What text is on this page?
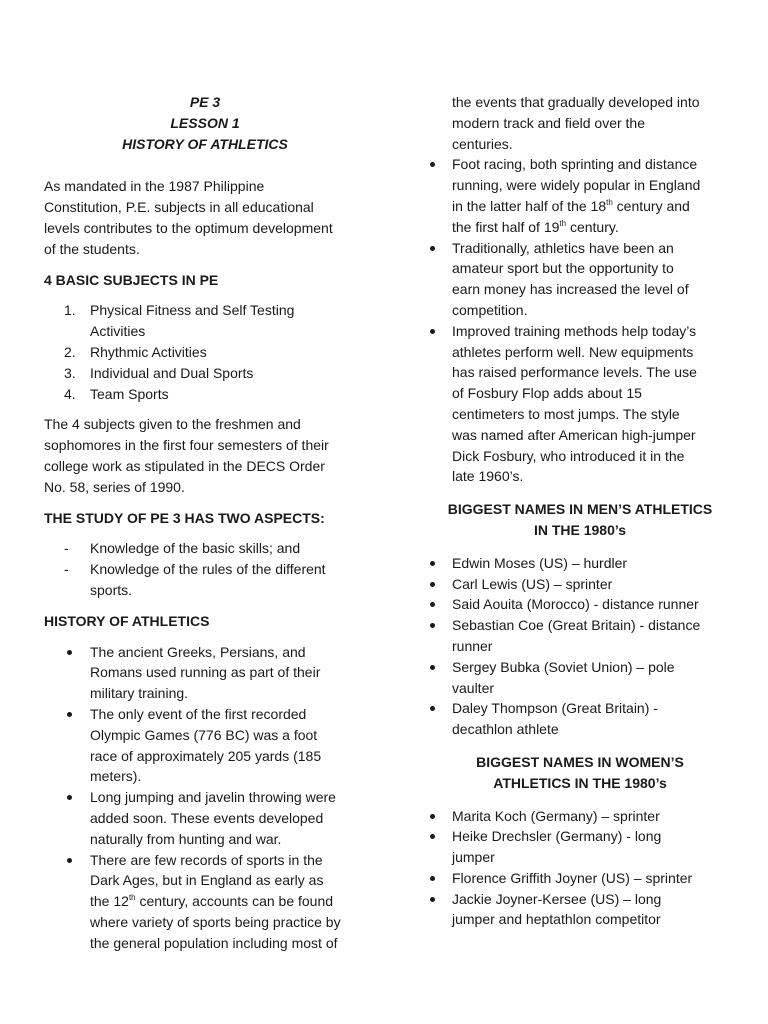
PE 3
LESSON 1
HISTORY OF ATHLETICS
As mandated in the 1987 Philippine
Constitution, P.E. subjects in all educational
levels contributes to the optimum development
of the students.
4 BASIC SUBJECTS IN PE
1. Physical Fitness and Self Testing
Activities
2. Rhythmic Activities
3. Individual and Dual Sports
4. Team Sports
The 4 subjects given to the freshmen and
sophomores in the first four semesters of their
college work as stipulated in the DECS Order
No. 58, series of 1990.
THE STUDY OF PE 3 HAS TWO ASPECTS:
- Knowledge of the basic skills; and
- Knowledge of the rules of the different
sports.
HISTORY OF ATHLETICS
The ancient Greeks, Persians, and
Romans used running as part of their
military training.
The only event of the first recorded
Olympic Games (776 BC) was a foot
race of approximately 205 yards (185
meters).
Long jumping and javelin throwing were
added soon. These events developed
naturally from hunting and war.
There are few records of sports in the
Dark Ages, but in England as early as
the 12th century, accounts can be found
where variety of sports being practice by
the general population including most of
the events that gradually developed into
modern track and field over the
centuries.
Foot racing, both sprinting and distance
running, were widely popular in England
in the latter half of the 18th century and
the first half of 19th century.
Traditionally, athletics have been an
amateur sport but the opportunity to
earn money has increased the level of
competition.
Improved training methods help today’s
athletes perform well. New equipments
has raised performance levels. The use
of Fosbury Flop adds about 15
centimeters to most jumps. The style
was named after American high-jumper
Dick Fosbury, who introduced it in the
late 1960’s.
BIGGEST NAMES IN MEN’S ATHLETICS
IN THE 1980’s
Edwin Moses (US) – hurdler
Carl Lewis (US) – sprinter
Said Aouita (Morocco) - distance runner
Sebastian Coe (Great Britain) - distance
runner
Sergey Bubka (Soviet Union) – pole
vaulter
Daley Thompson (Great Britain) -
decathlon athlete
BIGGEST NAMES IN WOMEN’S
ATHLETICS IN THE 1980’s
Marita Koch (Germany) – sprinter
Heike Drechsler (Germany) - long
jumper
Florence Griffith Joyner (US) – sprinter
Jackie Joyner-Kersee (US) – long
jumper and heptathlon competitor
